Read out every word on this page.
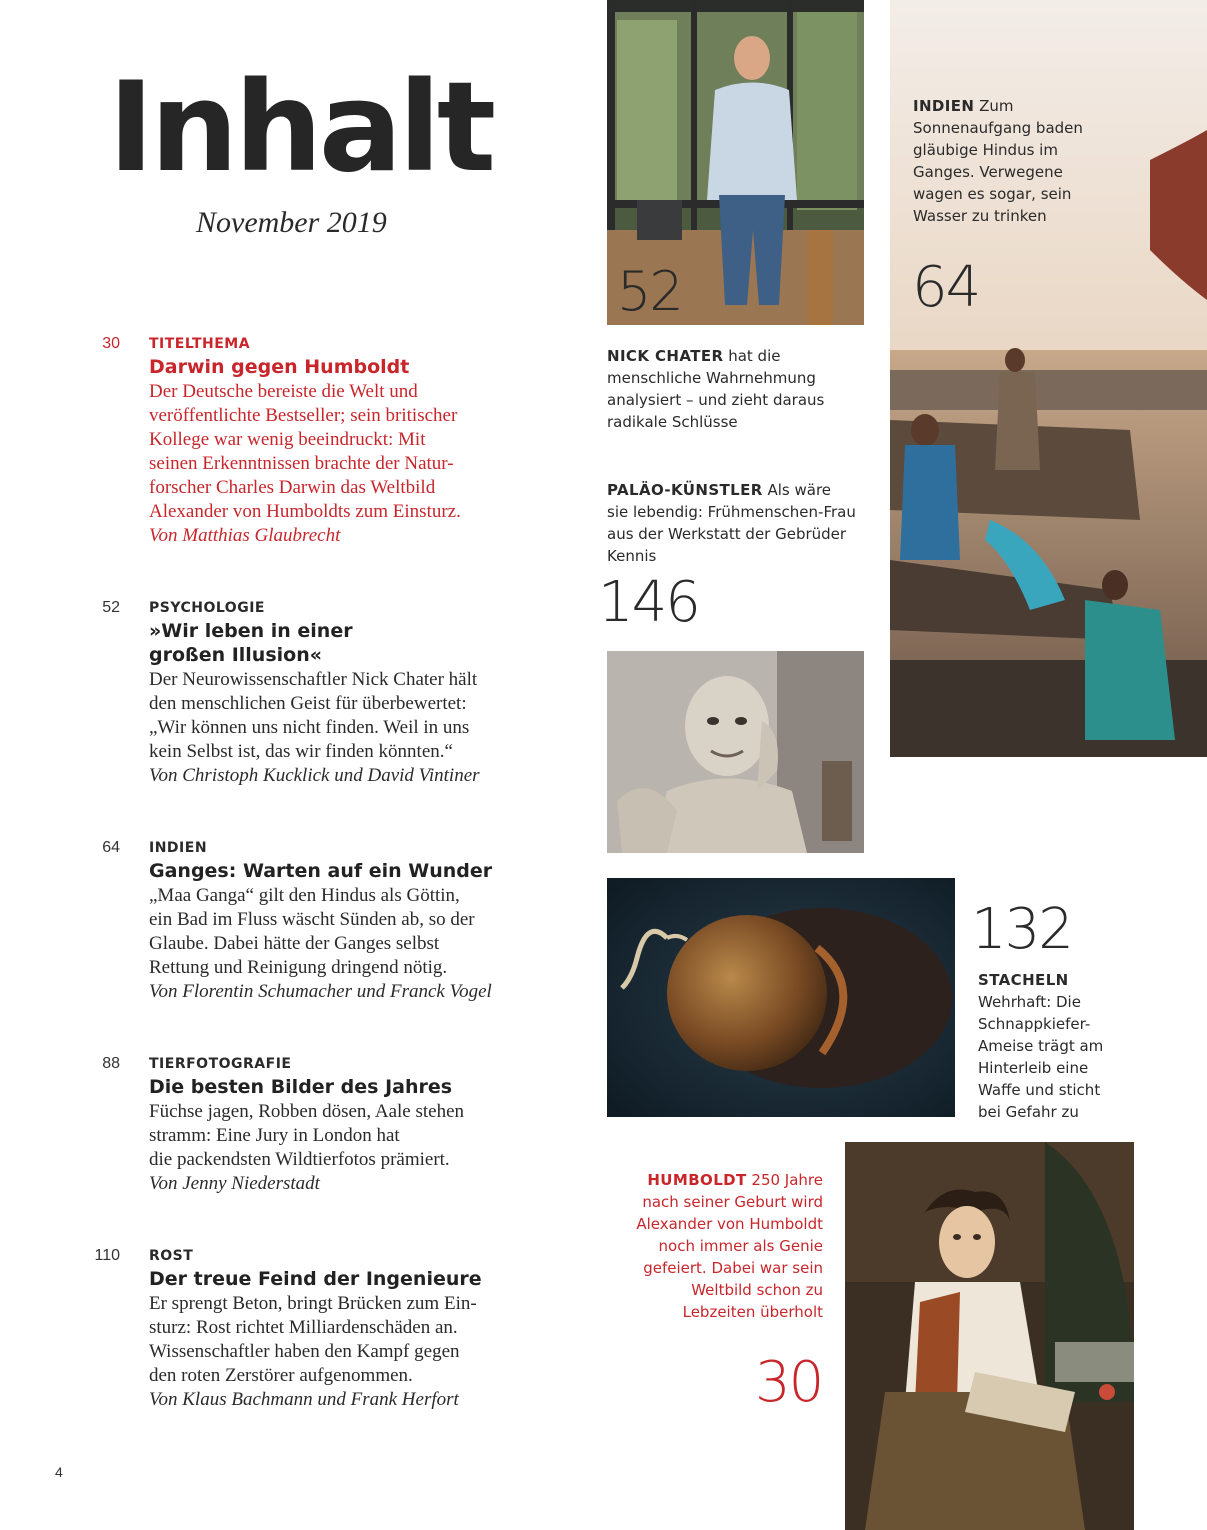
Inhalt
November 2019
30 TITELTHEMA
Darwin gegen Humboldt
Der Deutsche bereiste die Welt und
veröffentlichte Bestseller; sein britischer
Kollege war wenig beeindruckt: Mit
seinen Erkenntnissen brachte der Natur-
forscher Charles Darwin das Weltbild
Alexander von Humboldts zum Einsturz.
Von Matthias Glaubrecht
52 PSYCHOLOGIE
»Wir leben in einer großen Illusion«
Der Neurowissenschaftler Nick Chater hält
den menschlichen Geist für überbewertet:
„Wir können uns nicht finden. Weil in uns
kein Selbst ist, das wir finden könnten.“
Von Christoph Kucklick und David Vintiner
64 INDIEN
Ganges: Warten auf ein Wunder
„Maa Ganga“ gilt den Hindus als Göttin,
ein Bad im Fluss wäscht Sünden ab, so der
Glaube. Dabei hätte der Ganges selbst
Rettung und Reinigung dringend nötig.
Von Florentin Schumacher und Franck Vogel
88 TIERFOTOGRAFIE
Die besten Bilder des Jahres
Füchse jagen, Robben dösen, Aale stehen
stramm: Eine Jury in London hat
die packendsten Wildtierfotos prämiert.
Von Jenny Niederstadt
110 ROST
Der treue Feind der Ingenieure
Er sprengt Beton, bringt Brücken zum Ein-
sturz: Rost richtet Milliardenschäden an.
Wissenschaftler haben den Kampf gegen
den roten Zerstörer aufgenommen.
Von Klaus Bachmann und Frank Herfort
52
NICK CHATER hat die menschliche Wahrnehmung analysiert – und zieht daraus radikale Schlüsse
INDIEN Zum Sonnenaufgang baden gläubige Hindus im Ganges. Verwegene wagen es sogar, sein Wasser zu trinken
64
PALÄO-KÜNSTLER Als wäre sie lebendig: Frühmenschen-Frau aus der Werkstatt der Gebrüder Kennis
146
132
STACHELN
Wehrhaft: Die Schnappkiefer-Ameise trägt am Hinterleib eine Waffe und sticht bei Gefahr zu
HUMBOLDT 250 Jahre nach seiner Geburt wird Alexander von Humboldt noch immer als Genie gefeiert. Dabei war sein Weltbild schon zu Lebzeiten überholt
30
4
